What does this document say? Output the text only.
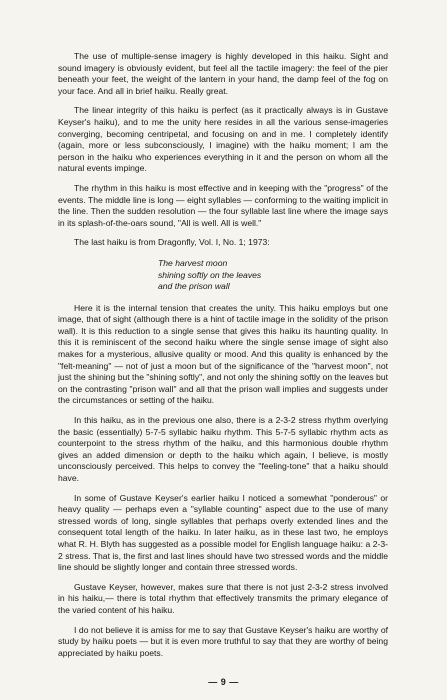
The use of multiple-sense imagery is highly developed in this haiku. Sight and sound imagery is obviously evident, but feel all the tactile imagery: the feel of the pier beneath your feet, the weight of the lantern in your hand, the damp feel of the fog on your face. And all in brief haiku. Really great.

The linear integrity of this haiku is perfect (as it practically always is in Gustave Keyser's haiku), and to me the unity here resides in all the various sense-imageries converging, becoming centripetal, and focusing on and in me. I completely identify (again, more or less subconsciously, I imagine) with the haiku moment; I am the person in the haiku who experiences everything in it and the person on whom all the natural events impinge.

The rhythm in this haiku is most effective and in keeping with the "progress" of the events. The middle line is long — eight syllables — conforming to the waiting implicit in the line. Then the sudden resolution — the four syllable last line where the image says in its splash-of-the-oars sound, "All is well. All is well."

The last haiku is from Dragonfly, Vol. I, No. 1; 1973:

The harvest moon
shining softly on the leaves
and the prison wall

Here it is the internal tension that creates the unity. This haiku employs but one image, that of sight (although there is a hint of tactile image in the solidity of the prison wall). It is this reduction to a single sense that gives this haiku its haunting quality. In this it is reminiscent of the second haiku where the single sense image of sight also makes for a mysterious, allusive quality or mood. And this quality is enhanced by the "felt-meaning" — not of just a moon but of the significance of the "harvest moon", not just the shining but the "shining softly", and not only the shining softly on the leaves but on the contrasting "prison wall" and all that the prison wall implies and suggests under the circumstances or setting of the haiku.

In this haiku, as in the previous one also, there is a 2-3-2 stress rhythm overlying the basic (essentially) 5-7-5 syllabic haiku rhythm. This 5-7-5 syllabic rhythm acts as counterpoint to the stress rhythm of the haiku, and this harmonious double rhythm gives an added dimension or depth to the haiku which again, I believe, is mostly unconsciously perceived. This helps to convey the "feeling-tone" that a haiku should have.

In some of Gustave Keyser's earlier haiku I noticed a somewhat "ponderous" or heavy quality — perhaps even a "syllable counting" aspect due to the use of many stressed words of long, single syllables that perhaps overly extended lines and the consequent total length of the haiku. In later haiku, as in these last two, he employs what R. H. Blyth has suggested as a possible model for English language haiku: a 2-3-2 stress. That is, the first and last lines should have two stressed words and the middle line should be slightly longer and contain three stressed words.

Gustave Keyser, however, makes sure that there is not just 2-3-2 stress involved in his haiku,— there is total rhythm that effectively transmits the primary elegance of the varied content of his haiku.

I do not believe it is amiss for me to say that Gustave Keyser's haiku are worthy of study by haiku poets — but it is even more truthful to say that they are worthy of being appreciated by haiku poets.

— 9 —
